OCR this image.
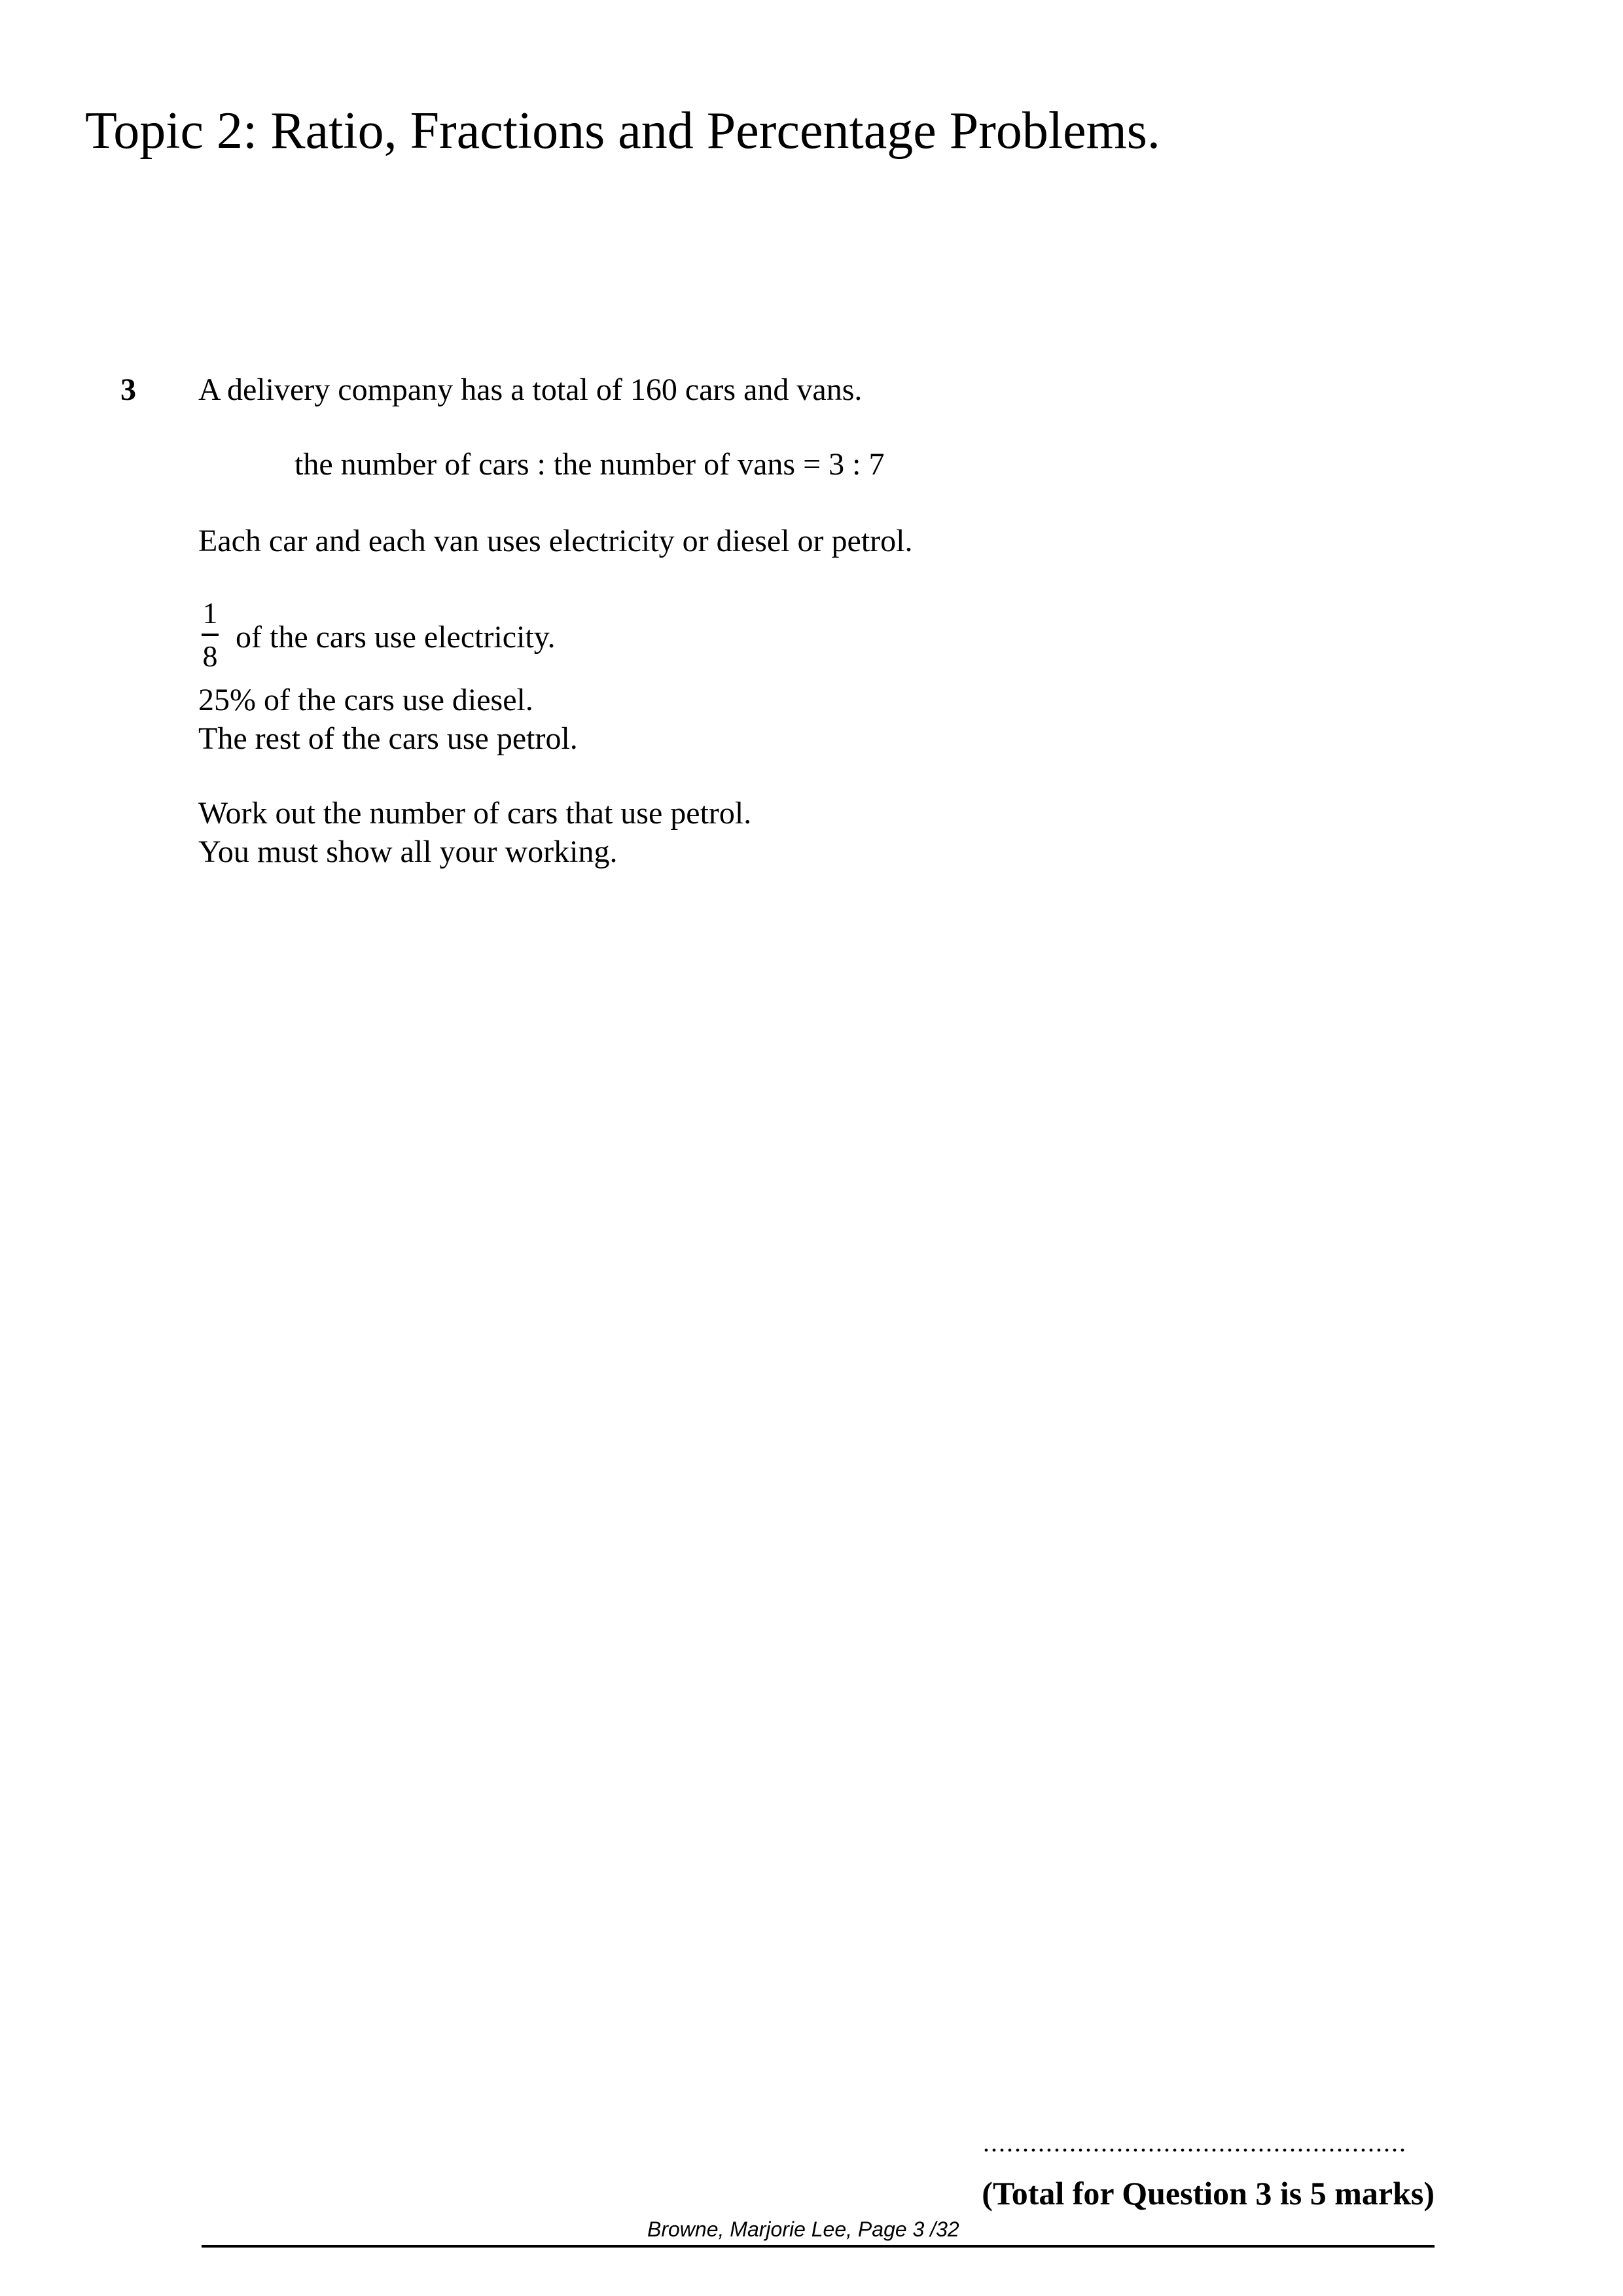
Topic 2: Ratio, Fractions and Percentage Problems.
3 A delivery company has a total of 160 cars and vans.
the number of cars : the number of vans = 3 : 7
Each car and each van uses electricity or diesel or petrol.
1
8
of the cars use electricity.
25% of the cars use diesel.
The rest of the cars use petrol.
Work out the number of cars that use petrol.
You must show all your working.
......................................................
(Total for Question 3 is 5 marks)
Browne, Marjorie Lee, Page 3 /32
